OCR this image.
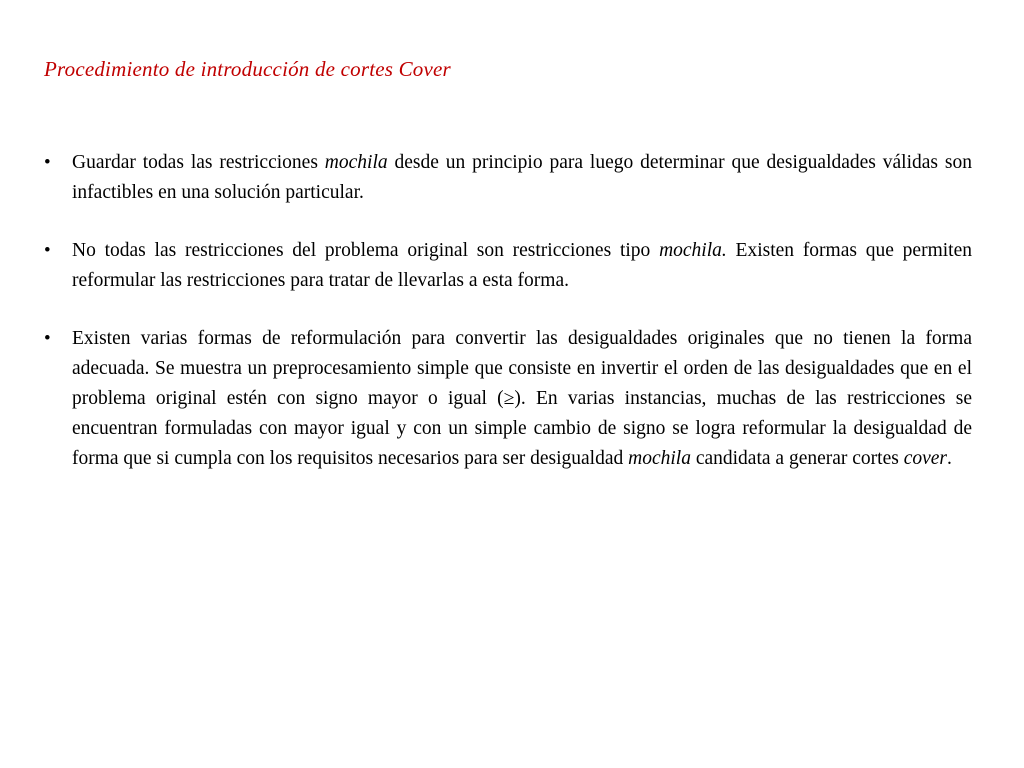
Procedimiento de introducción de cortes Cover
•	Guardar todas las restricciones mochila desde un principio para luego determinar que desigualdades válidas son infactibles en una solución particular.
•	No todas las restricciones del problema original son restricciones tipo mochila. Existen formas que permiten reformular las restricciones para tratar de llevarlas a esta forma.
•	Existen varias formas de reformulación para convertir las desigualdades originales que no tienen la forma adecuada. Se muestra un preprocesamiento simple que consiste en invertir el orden de las desigualdades que en el problema original estén con signo mayor o igual (≥). En varias instancias, muchas de las restricciones se encuentran formuladas con mayor igual y con un simple cambio de signo se logra reformular la desigualdad de forma que si cumpla con los requisitos necesarios para ser desigualdad mochila candidata a generar cortes cover.
